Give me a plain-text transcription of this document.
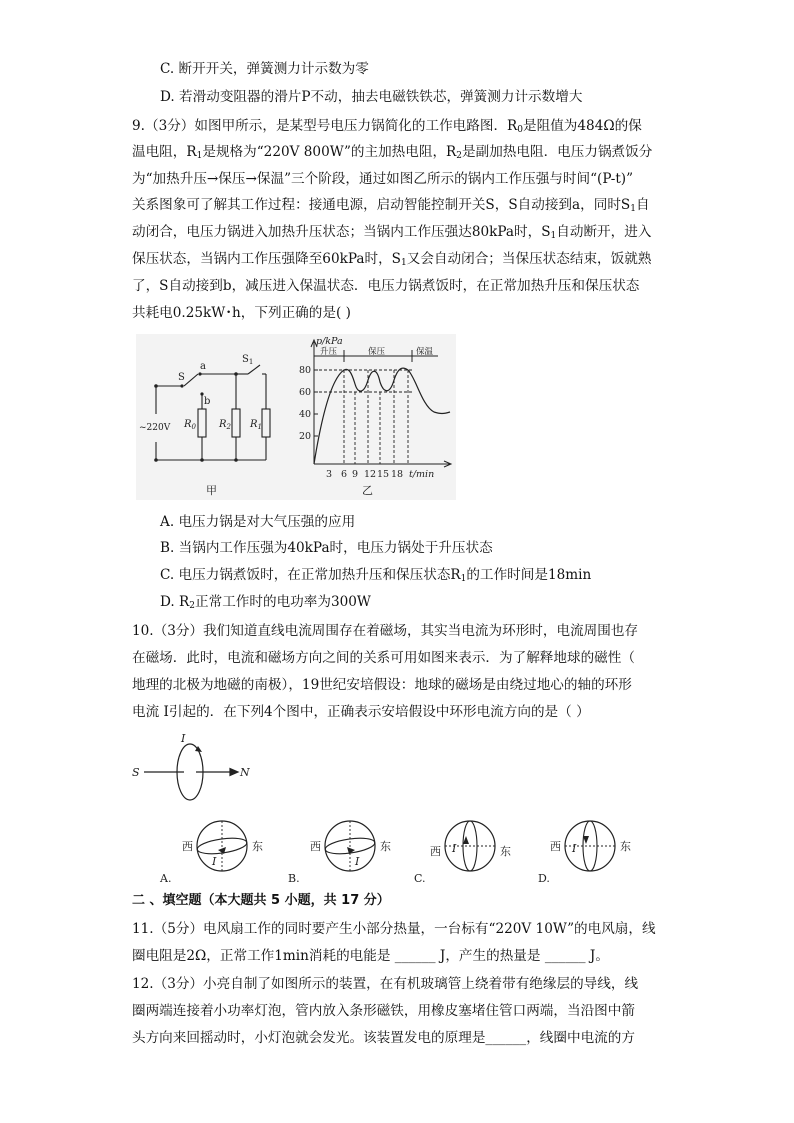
C. 断开开关，弹簧测力计示数为零
D. 若滑动变阻器的滑片P不动，抽去电磁铁铁芯，弹簧测力计示数增大
9.（3分）如图甲所示，是某型号电压力锅简化的工作电路图．$R_0$是阻值为484Ω的保
温电阻，$R_1$是规格为“220V 800W”的主加热电阻，$R_2$是副加热电阻．电压力锅煮饭分
为“加热升压→保压→保温”三个阶段，通过如图乙所示的锅内工作压强与时间“(P-t)”
关系图象可了解其工作过程：接通电源，启动智能控制开关S，S自动接到a，同时$S_1$自
动闭合，电压力锅进入加热升压状态；当锅内工作压强达80kPa时，$S_1$自动断开，进入
保压状态，当锅内工作压强降至60kPa时，$S_1$又会自动闭合；当保压状态结束，饭就熟
了，S自动接到b，减压进入保温状态．电压力锅煮饭时，在正常加热升压和保压状态
共耗电0.25kW･h，下列正确的是( )
S
a
b
$S_1$
~220V $R_0$ $R_2$ $R_1$
甲
p/kPa
升压	保压	保温
80
60
40
20
3 6 9 12 15 18 t/min
乙
A. 电压力锅是对大气压强的应用
B. 当锅内工作压强为40kPa时，电压力锅处于升压状态
C. 电压力锅煮饭时，在正常加热升压和保压状态$R_1$的工作时间是18min
D. $R_2$正常工作时的电功率为300W
10.（3分）我们知道直线电流周围存在着磁场，其实当电流为环形时，电流周围也存
在磁场．此时，电流和磁场方向之间的关系可用如图来表示．为了解释地球的磁性（
地理的北极为地磁的南极），19世纪安培假设：地球的磁场是由绕过地心的轴的环形
电流 I引起的．在下列4个图中，正确表示安培假设中环形电流方向的是（ ）
I
S	N
西	东
I
A.
西	东
I
B.
西	东
I
C.
西	东
I
D.
二 、填空题（本大题共 5 小题，共 17 分）
11.（5分）电风扇工作的同时要产生小部分热量，一台标有“220V 10W”的电风扇，线
圈电阻是2Ω，正常工作1min消耗的电能是 ______ J，产生的热量是 ______ J。
12.（3分）小亮自制了如图所示的装置，在有机玻璃管上绕着带有绝缘层的导线，线
圈两端连接着小功率灯泡，管内放入条形磁铁，用橡皮塞堵住管口两端，当沿图中箭
头方向来回摇动时，小灯泡就会发光。该装置发电的原理是______，线圈中电流的方
